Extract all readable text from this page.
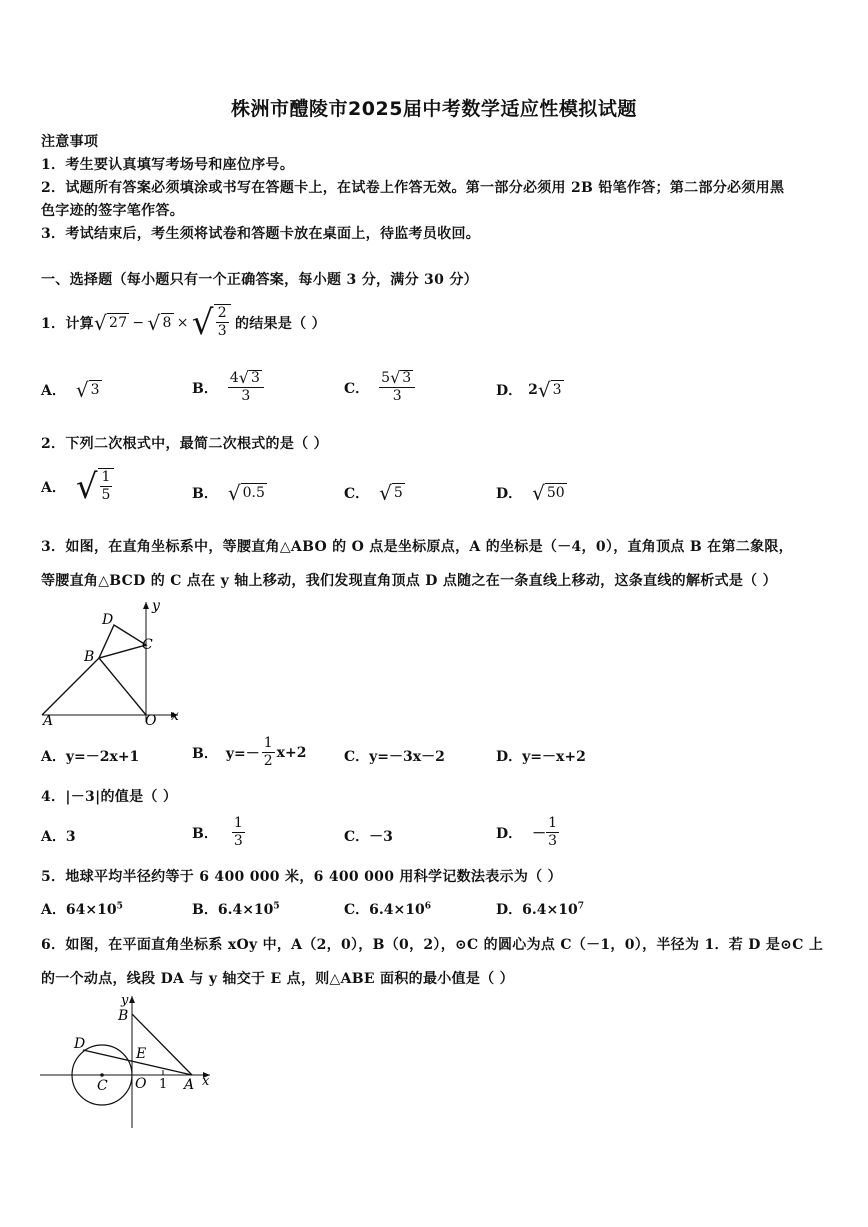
株洲市醴陵市2025届中考数学适应性模拟试题
注意事项
1．考生要认真填写考场号和座位序号。
2．试题所有答案必须填涂或书写在答题卡上，在试卷上作答无效。第一部分必须用 2B 铅笔作答；第二部分必须用黑
色字迹的签字笔作答。
3．考试结束后，考生须将试卷和答题卡放在桌面上，待监考员收回。
一、选择题（每小题只有一个正确答案，每小题 3 分，满分 30 分）
1．计算 √ 27 − √ 8 × √ $\frac{2}{3}$ 的结果是（ ）
A． √ 3	B． $\frac{4 √ 3}{3}$	C． $\frac{5 √ 3}{3}$	D． 2 √ 3
2．下列二次根式中，最简二次根式的是（ ）
A． √ $\frac{1}{5}$	B． √ 0.5	C． √ 5	D． √ 50
3．如图，在直角坐标系中，等腰直角△ABO 的 O 点是坐标原点，A 的坐标是（－4，0），直角顶点 B 在第二象限，
等腰直角△BCD 的 C 点在 y 轴上移动，我们发现直角顶点 D 点随之在一条直线上移动，这条直线的解析式是（ ）
y
x
D
C
B
A	O
A．y=－2x+1	B． $y=- \frac{1}{2} x+2$	C．y=－3x－2	D．y=－x+2
4．|－3|的值是（ ）
A．3	B． $\frac{1}{3}$	C．－3	D． － $\frac{1}{3}$
5．地球平均半径约等于 6 400 000 米，6 400 000 用科学记数法表示为（ ）
A．$64\times 10^5$	B．$6.4\times 10^5$	C．$6.4\times 10^6$	D．$6.4\times 10^7$
6．如图，在平面直角坐标系 xOy 中，A（2，0），B（0，2），⊙C 的圆心为点 C（－1，0），半径为 1．若 D 是⊙C 上
的一个动点，线段 DA 与 y 轴交于 E 点，则△ABE 面积的最小值是（ ）
y
B
D
E
C O 1 A x
